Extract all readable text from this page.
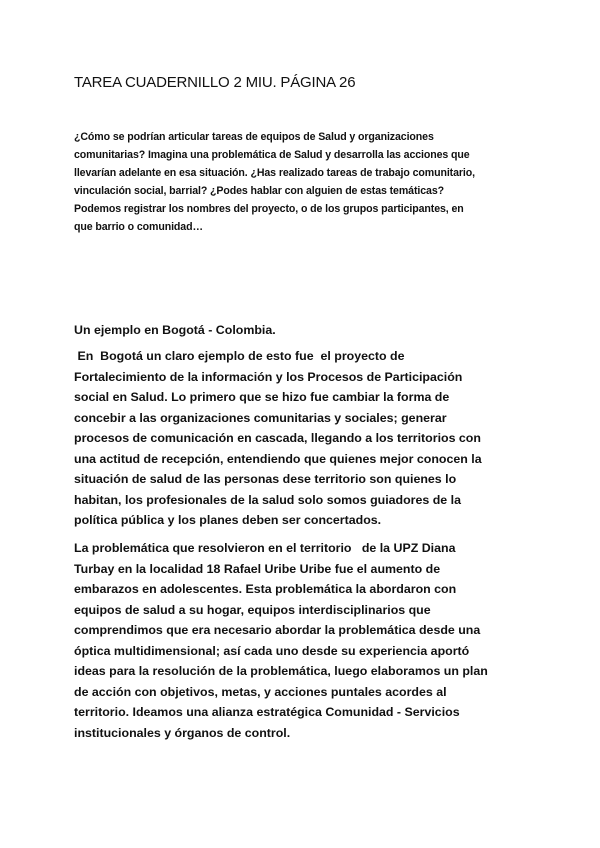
TAREA CUADERNILLO 2 MIU. PÁGINA 26
¿Cómo se podrían articular tareas de equipos de Salud y organizaciones
comunitarias? Imagina una problemática de Salud y desarrolla las acciones que
llevarían adelante en esa situación. ¿Has realizado tareas de trabajo comunitario,
vinculación social, barrial? ¿Podes hablar con alguien de estas temáticas?
Podemos registrar los nombres del proyecto, o de los grupos participantes, en
que barrio o comunidad…
Un ejemplo en Bogotá - Colombia.
En  Bogotá un claro ejemplo de esto fue  el proyecto de
Fortalecimiento de la información y los Procesos de Participación
social en Salud. Lo primero que se hizo fue cambiar la forma de
concebir a las organizaciones comunitarias y sociales; generar
procesos de comunicación en cascada, llegando a los territorios con
una actitud de recepción, entendiendo que quienes mejor conocen la
situación de salud de las personas dese territorio son quienes lo
habitan, los profesionales de la salud solo somos guiadores de la
política pública y los planes deben ser concertados.
La problemática que resolvieron en el territorio   de la UPZ Diana
Turbay en la localidad 18 Rafael Uribe Uribe fue el aumento de
embarazos en adolescentes. Esta problemática la abordaron con
equipos de salud a su hogar, equipos interdisciplinarios que
comprendimos que era necesario abordar la problemática desde una
óptica multidimensional; así cada uno desde su experiencia aportó
ideas para la resolución de la problemática, luego elaboramos un plan
de acción con objetivos, metas, y acciones puntales acordes al
territorio. Ideamos una alianza estratégica Comunidad - Servicios
institucionales y órganos de control.
